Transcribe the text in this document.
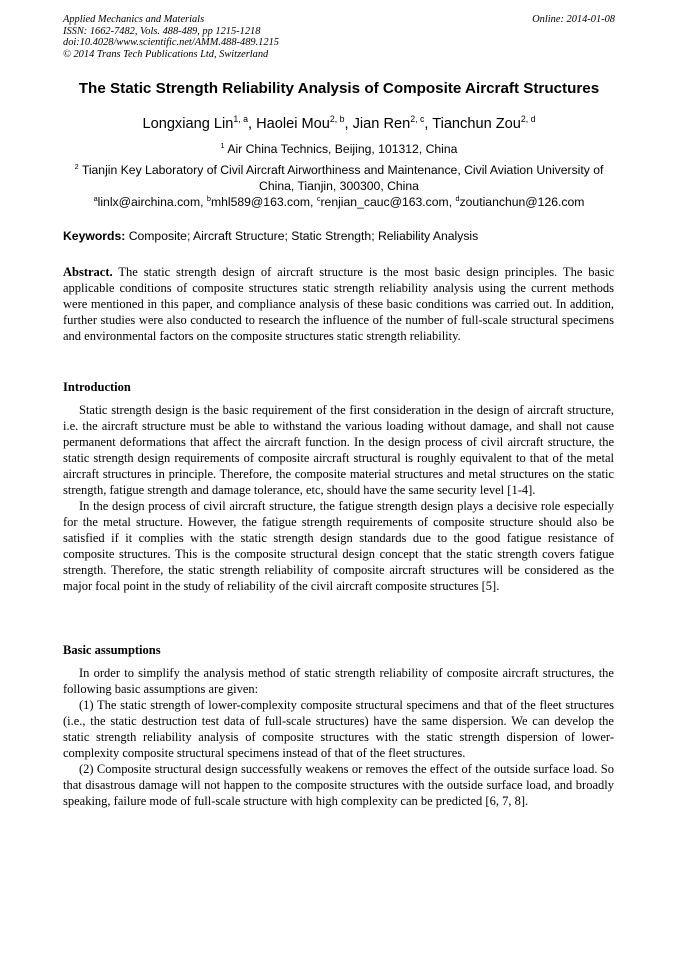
Applied Mechanics and Materials
ISSN: 1662-7482, Vols. 488-489, pp 1215-1218
doi:10.4028/www.scientific.net/AMM.488-489.1215
© 2014 Trans Tech Publications Ltd, Switzerland
Online: 2014-01-08
The Static Strength Reliability Analysis of Composite Aircraft Structures
Longxiang Lin$^{1, a}$, Haolei Mou$^{2, b}$, Jian Ren$^{2, c}$, Tianchun Zou$^{2, d}$
$^1$ Air China Technics, Beijing, 101312, China
$^2$ Tianjin Key Laboratory of Civil Aircraft Airworthiness and Maintenance, Civil Aviation University of China, Tianjin, 300300, China
$^a$linlx@airchina.com, $^b$mhl589@163.com, $^c$renjian_cauc@163.com, $^d$zoutianchun@126.com
Keywords: Composite; Aircraft Structure; Static Strength; Reliability Analysis

Abstract. The static strength design of aircraft structure is the most basic design principles. The basic applicable conditions of composite structures static strength reliability analysis using the current methods were mentioned in this paper, and compliance analysis of these basic conditions was carried out. In addition, further studies were also conducted to research the influence of the number of full-scale structural specimens and environmental factors on the composite structures static strength reliability.

Introduction

Static strength design is the basic requirement of the first consideration in the design of aircraft structure, i.e. the aircraft structure must be able to withstand the various loading without damage, and shall not cause permanent deformations that affect the aircraft function. In the design process of civil aircraft structure, the static strength design requirements of composite aircraft structural is roughly equivalent to that of the metal aircraft structures in principle. Therefore, the composite material structures and metal structures on the static strength, fatigue strength and damage tolerance, etc, should have the same security level [1-4].

In the design process of civil aircraft structure, the fatigue strength design plays a decisive role especially for the metal structure. However, the fatigue strength requirements of composite structure should also be satisfied if it complies with the static strength design standards due to the good fatigue resistance of composite structures. This is the composite structural design concept that the static strength covers fatigue strength. Therefore, the static strength reliability of composite aircraft structures will be considered as the major focal point in the study of reliability of the civil aircraft composite structures [5].

Basic assumptions

In order to simplify the analysis method of static strength reliability of composite aircraft structures, the following basic assumptions are given:

(1) The static strength of lower-complexity composite structural specimens and that of the fleet structures (i.e., the static destruction test data of full-scale structures) have the same dispersion. We can develop the static strength reliability analysis of composite structures with the static strength dispersion of lower-complexity composite structural specimens instead of that of the fleet structures.

(2) Composite structural design successfully weakens or removes the effect of the outside surface load. So that disastrous damage will not happen to the composite structures with the outside surface load, and broadly speaking, failure mode of full-scale structure with high complexity can be predicted [6, 7, 8].
